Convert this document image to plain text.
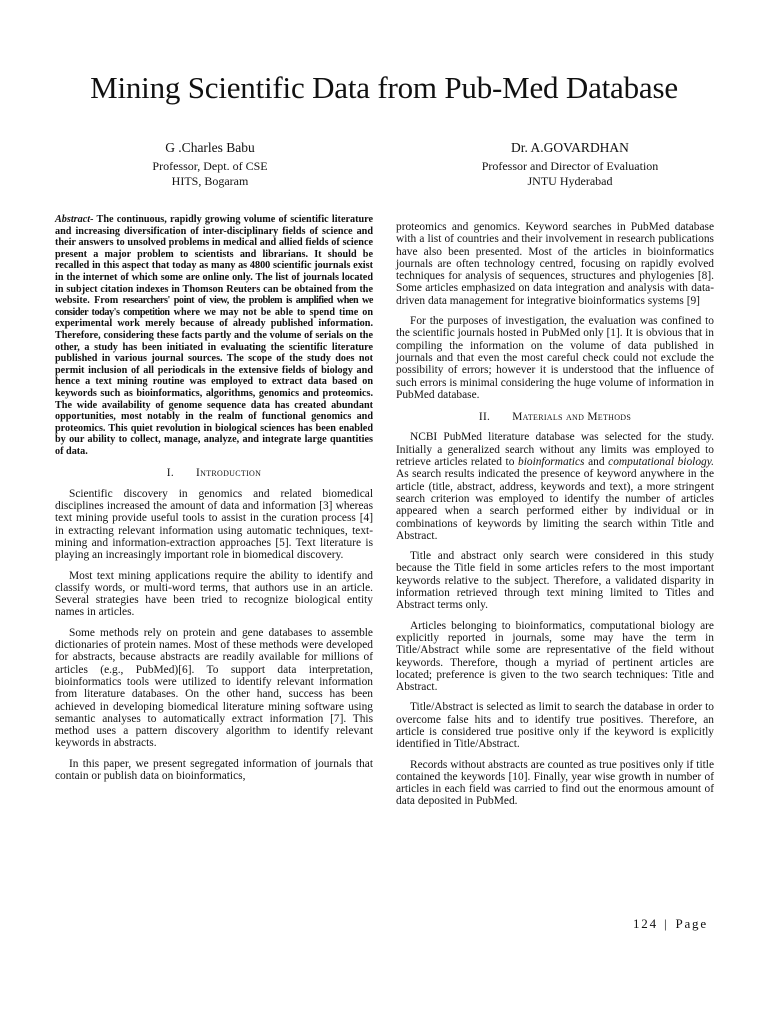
Mining Scientific Data from Pub-Med Database
G .Charles Babu
Professor, Dept. of CSE
HITS, Bogaram
Dr. A.GOVARDHAN
Professor and Director of Evaluation
JNTU Hyderabad

Abstract- The continuous, rapidly growing volume of scientific literature and increasing diversification of inter-disciplinary fields of science and their answers to unsolved problems in medical and allied fields of science present a major problem to scientists and librarians. It should be recalled in this aspect that today as many as 4800 scientific journals exist in the internet of which some are online only. The list of journals located in subject citation indexes in Thomson Reuters can be obtained from the website. From researchers' point of view, the problem is amplified when we consider today's competition where we may not be able to spend time on experimental work merely because of already published information. Therefore, considering these facts partly and the volume of serials on the other, a study has been initiated in evaluating the scientific literature published in various journal sources. The scope of the study does not permit inclusion of all periodicals in the extensive fields of biology and hence a text mining routine was employed to extract data based on keywords such as bioinformatics, algorithms, genomics and proteomics. The wide availability of genome sequence data has created abundant opportunities, most notably in the realm of functional genomics and proteomics. This quiet revolution in biological sciences has been enabled by our ability to collect, manage, analyze, and integrate large quantities of data.

I. Introduction

Scientific discovery in genomics and related biomedical disciplines increased the amount of data and information [3] whereas text mining provide useful tools to assist in the curation process [4] in extracting relevant information using automatic techniques, text-mining and information-extraction approaches [5]. Text literature is playing an increasingly important role in biomedical discovery.

Most text mining applications require the ability to identify and classify words, or multi-word terms, that authors use in an article. Several strategies have been tried to recognize biological entity names in articles.

Some methods rely on protein and gene databases to assemble dictionaries of protein names. Most of these methods were developed for abstracts, because abstracts are readily available for millions of articles (e.g., PubMed)[6]. To support data interpretation, bioinformatics tools were utilized to identify relevant information from literature databases. On the other hand, success has been achieved in developing biomedical literature mining software using semantic analyses to automatically extract information [7]. This method uses a pattern discovery algorithm to identify relevant keywords in abstracts.

In this paper, we present segregated information of journals that contain or publish data on bioinformatics,

proteomics and genomics. Keyword searches in PubMed database with a list of countries and their involvement in research publications have also been presented. Most of the articles in bioinformatics journals are often technology centred, focusing on rapidly evolved techniques for analysis of sequences, structures and phylogenies [8]. Some articles emphasized on data integration and analysis with data-driven data management for integrative bioinformatics systems [9]

For the purposes of investigation, the evaluation was confined to the scientific journals hosted in PubMed only [1]. It is obvious that in compiling the information on the volume of data published in journals and that even the most careful check could not exclude the possibility of errors; however it is understood that the influence of such errors is minimal considering the huge volume of information in PubMed database.

II. Materials and Methods

NCBI PubMed literature database was selected for the study. Initially a generalized search without any limits was employed to retrieve articles related to bioinformatics and computational biology. As search results indicated the presence of keyword anywhere in the article (title, abstract, address, keywords and text), a more stringent search criterion was employed to identify the number of articles appeared when a search performed either by individual or in combinations of keywords by limiting the search within Title and Abstract.

Title and abstract only search were considered in this study because the Title field in some articles refers to the most important keywords relative to the subject. Therefore, a validated disparity in information retrieved through text mining limited to Titles and Abstract terms only.

Articles belonging to bioinformatics, computational biology are explicitly reported in journals, some may have the term in Title/Abstract while some are representative of the field without keywords. Therefore, though a myriad of pertinent articles are located; preference is given to the two search techniques: Title and Abstract.

Title/Abstract is selected as limit to search the database in order to overcome false hits and to identify true positives. Therefore, an article is considered true positive only if the keyword is explicitly identified in Title/Abstract.

Records without abstracts are counted as true positives only if title contained the keywords [10]. Finally, year wise growth in number of articles in each field was carried to find out the enormous amount of data deposited in PubMed.

124 | Page
